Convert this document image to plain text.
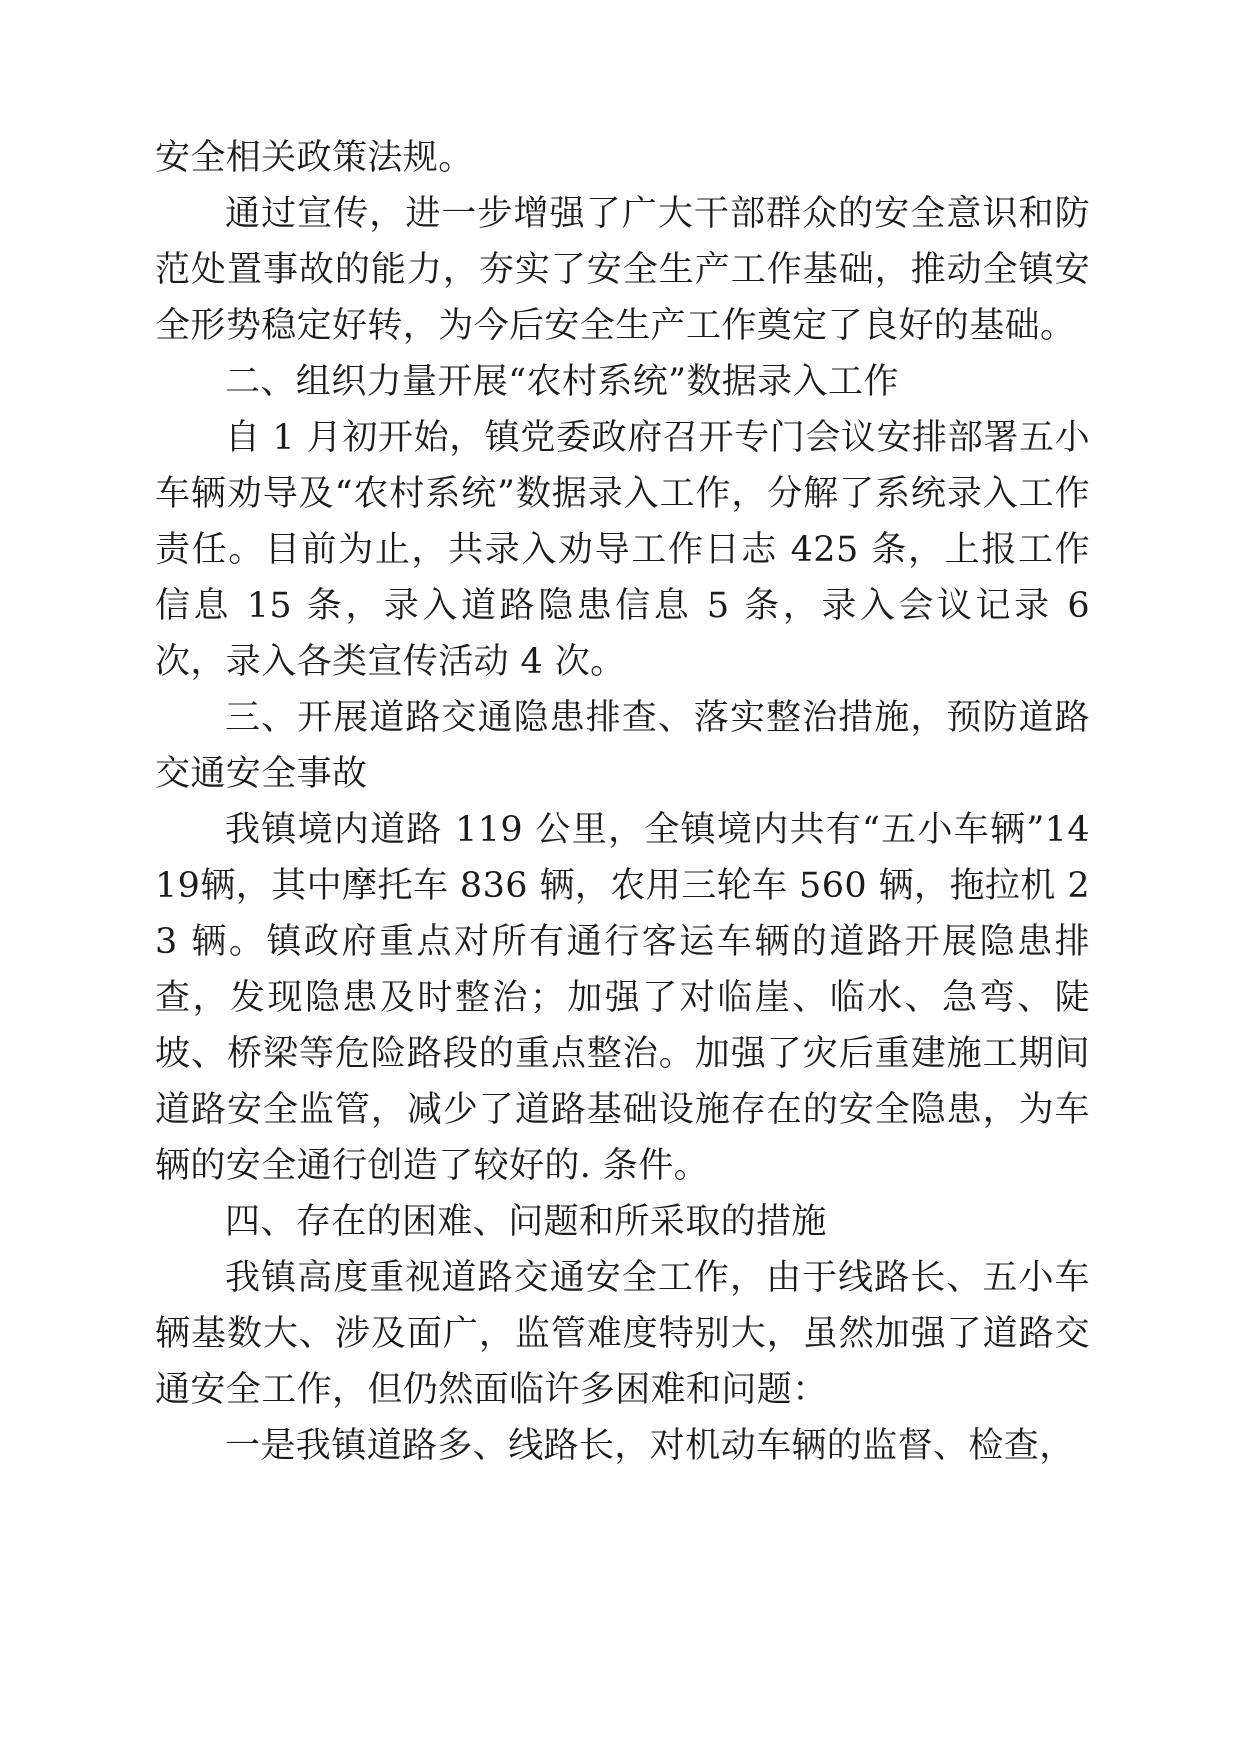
安全相关政策法规。

通过宣传，进一步增强了广大干部群众的安全意识和防范处置事故的能力，夯实了安全生产工作基础，推动全镇安全形势稳定好转，为今后安全生产工作奠定了良好的基础。

二、组织力量开展“农村系统”数据录入工作

自 1 月初开始，镇党委政府召开专门会议安排部署五小车辆劝导及“农村系统”数据录入工作，分解了系统录入工作责任。目前为止，共录入劝导工作日志 425 条，上报工作信息 15 条，录入道路隐患信息 5 条，录入会议记录 6 次，录入各类宣传活动 4 次。

三、开展道路交通隐患排查、落实整治措施，预防道路交通安全事故

我镇境内道路 119 公里，全镇境内共有“五小车辆”1419辆，其中摩托车 836 辆，农用三轮车 560 辆，拖拉机 23 辆。镇政府重点对所有通行客运车辆的道路开展隐患排查，发现隐患及时整治；加强了对临崖、临水、急弯、陡坡、桥梁等危险路段的重点整治。加强了灾后重建施工期间道路安全监管，减少了道路基础设施存在的安全隐患，为车辆的安全通行创造了较好的. 条件。

四、存在的困难、问题和所采取的措施

我镇高度重视道路交通安全工作，由于线路长、五小车辆基数大、涉及面广，监管难度特别大，虽然加强了道路交通安全工作，但仍然面临许多困难和问题：

一是我镇道路多、线路长，对机动车辆的监督、检查，
